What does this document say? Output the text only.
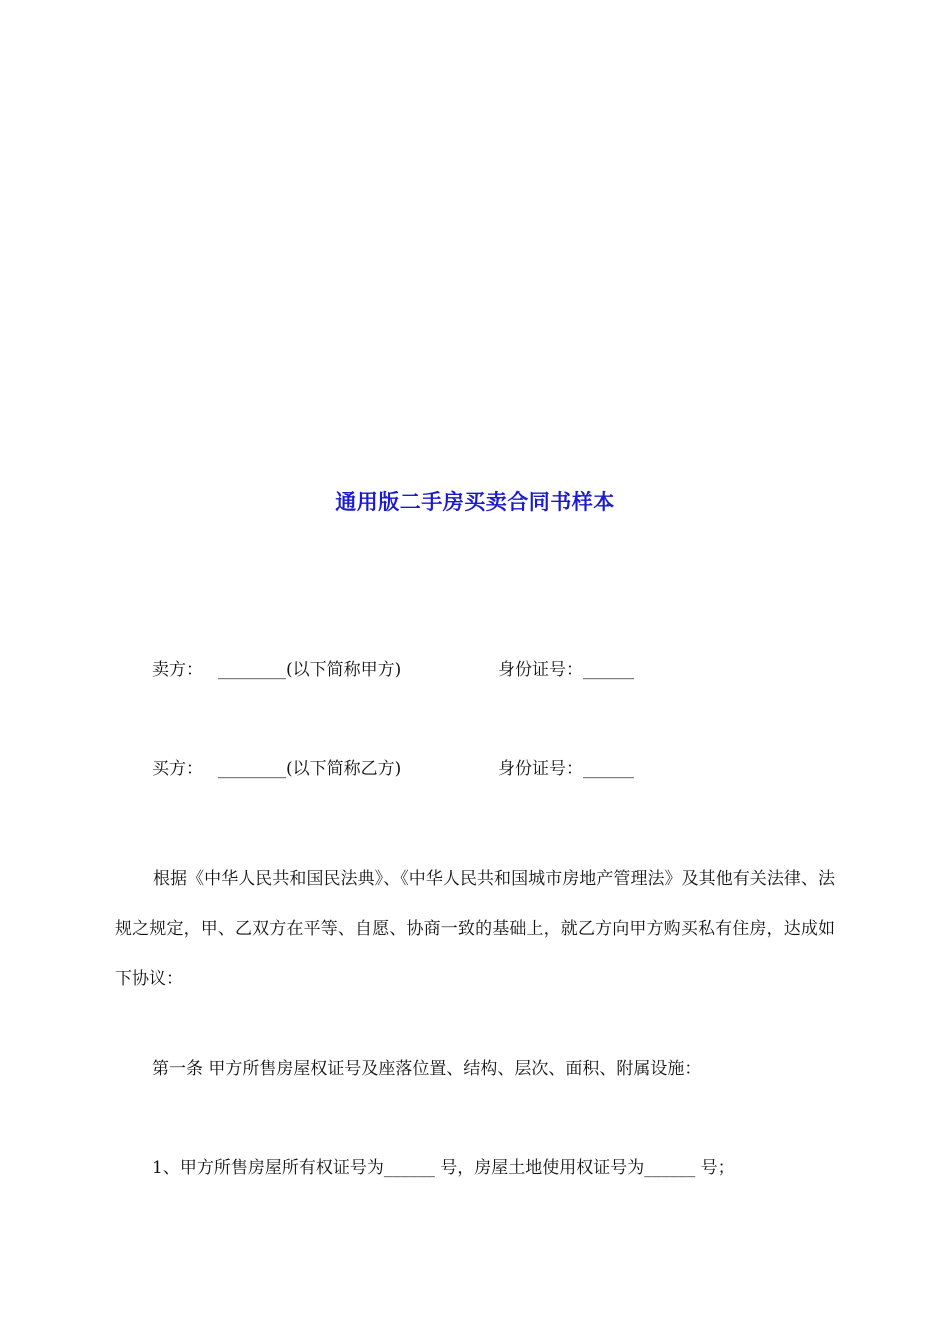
通用版二手房买卖合同书样本
卖方： ________(以下简称甲方)	身份证号：______
买方： ________(以下简称乙方)	身份证号：______
根据《中华人民共和国民法典》、《中华人民共和国城市房地产管理法》及其他有关法律、法规之规定，甲、乙双方在平等、自愿、协商一致的基础上，就乙方向甲方购买私有住房，达成如下协议：
第一条 甲方所售房屋权证号及座落位置、结构、层次、面积、附属设施：
1、甲方所售房屋所有权证号为______ 号，房屋土地使用权证号为______ 号；
